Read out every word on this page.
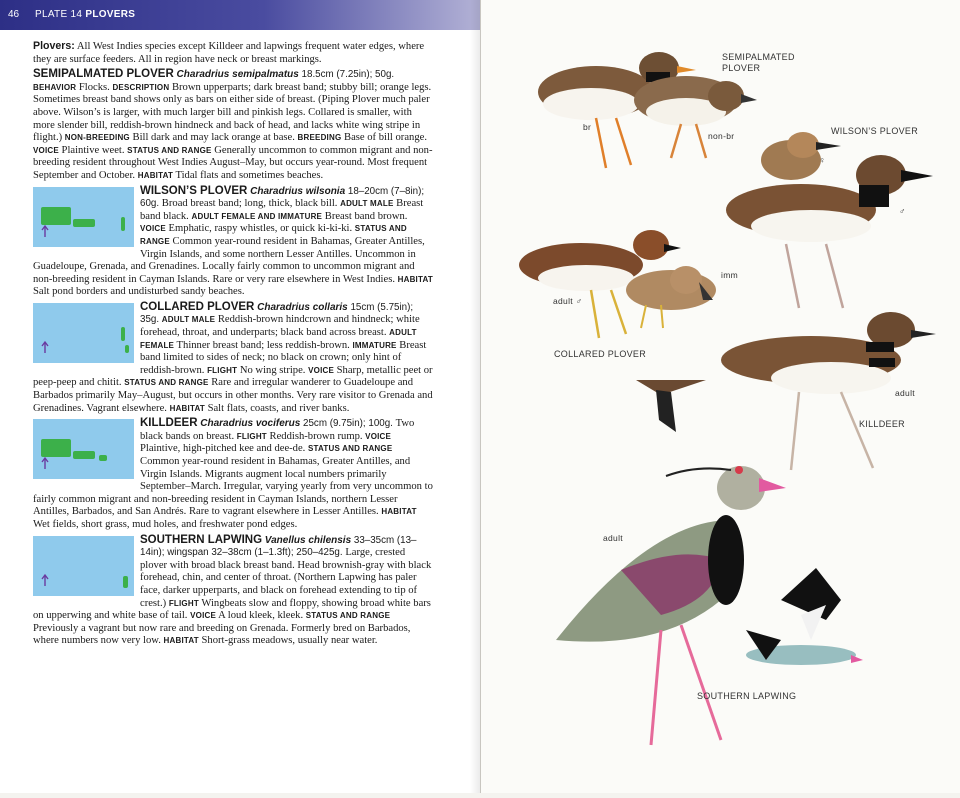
46 PLATE 14 PLOVERS

Plovers: All West Indies species except Killdeer and lapwings frequent water edges, where they are surface feeders. All in region have neck or breast markings.

SEMIPALMATED PLOVER Charadrius semipalmatus 18.5cm (7.25in); 50g. BEHAVIOR Flocks. DESCRIPTION Brown upperparts; dark breast band; stubby bill; orange legs. Sometimes breast band shows only as bars on either side of breast. (Piping Plover much paler above. Wilson’s is larger, with much larger bill and pinkish legs. Collared is smaller, with more slender bill, reddish-brown hindneck and back of head, and lacks white wing stripe in flight.) NON-BREEDING Bill dark and may lack orange at base. BREEDING Base of bill orange. VOICE Plaintive weet. STATUS AND RANGE Generally uncommon to common migrant and non-breeding resident throughout West Indies August–May, but occurs year-round. Most frequent September and October. HABITAT Tidal flats and sometimes beaches.

WILSON’S PLOVER Charadrius wilsonia 18–20cm (7–8in); 60g. Broad breast band; long, thick, black bill. ADULT MALE Breast band black. ADULT FEMALE AND IMMATURE Breast band brown. VOICE Emphatic, raspy whistles, or quick ki-ki-ki. STATUS AND RANGE Common year-round resident in Bahamas, Greater Antilles, Virgin Islands, and some northern Lesser Antilles. Uncommon in Guadeloupe, Grenada, and Grenadines. Locally fairly common to uncommon migrant and non-breeding resident in Cayman Islands. Rare or very rare elsewhere in West Indies. HABITAT Salt pond borders and undisturbed sandy beaches.

COLLARED PLOVER Charadrius collaris 15cm (5.75in); 35g. ADULT MALE Reddish-brown hindcrown and hindneck; white forehead, throat, and underparts; black band across breast. ADULT FEMALE Thinner breast band; less reddish-brown. IMMATURE Breast band limited to sides of neck; no black on crown; only hint of reddish-brown. FLIGHT No wing stripe. VOICE Sharp, metallic peet or peep-peep and chitit. STATUS AND RANGE Rare and irregular wanderer to Guadeloupe and Barbados primarily May–August, but occurs in other months. Very rare visitor to Grenada and Grenadines. Vagrant elsewhere. HABITAT Salt flats, coasts, and river banks.

KILLDEER Charadrius vociferus 25cm (9.75in); 100g. Two black bands on breast. FLIGHT Reddish-brown rump. VOICE Plaintive, high-pitched kee and dee-de. STATUS AND RANGE Common year-round resident in Bahamas, Greater Antilles, and Virgin Islands. Migrants augment local numbers primarily September–March. Irregular, varying yearly from very uncommon to fairly common migrant and non-breeding resident in Cayman Islands, northern Lesser Antilles, Barbados, and San Andrés. Rare to vagrant elsewhere in Lesser Antilles. HABITAT Wet fields, short grass, mud holes, and freshwater pond edges.

SOUTHERN LAPWING Vanellus chilensis 33–35cm (13–14in); wingspan 32–38cm (1–1.3ft); 250–425g. Large, crested plover with broad black breast band. Head brownish-gray with black forehead, chin, and center of throat. (Northern Lapwing has paler face, darker upperparts, and black on forehead extending to tip of crest.) FLIGHT Wingbeats slow and floppy, showing broad white bars on upperwing and white base of tail. VOICE A loud kleek, kleek. STATUS AND RANGE Previously a vagrant but now rare and breeding on Grenada. Formerly bred on Barbados, where numbers now very low. HABITAT Short-grass meadows, usually near water.

SEMIPALMATED PLOVER
br
non-br	WILSON’S PLOVER
♀
♂
imm
adult ♂
COLLARED PLOVER
adult
KILLDEER
adult
SOUTHERN LAPWING
